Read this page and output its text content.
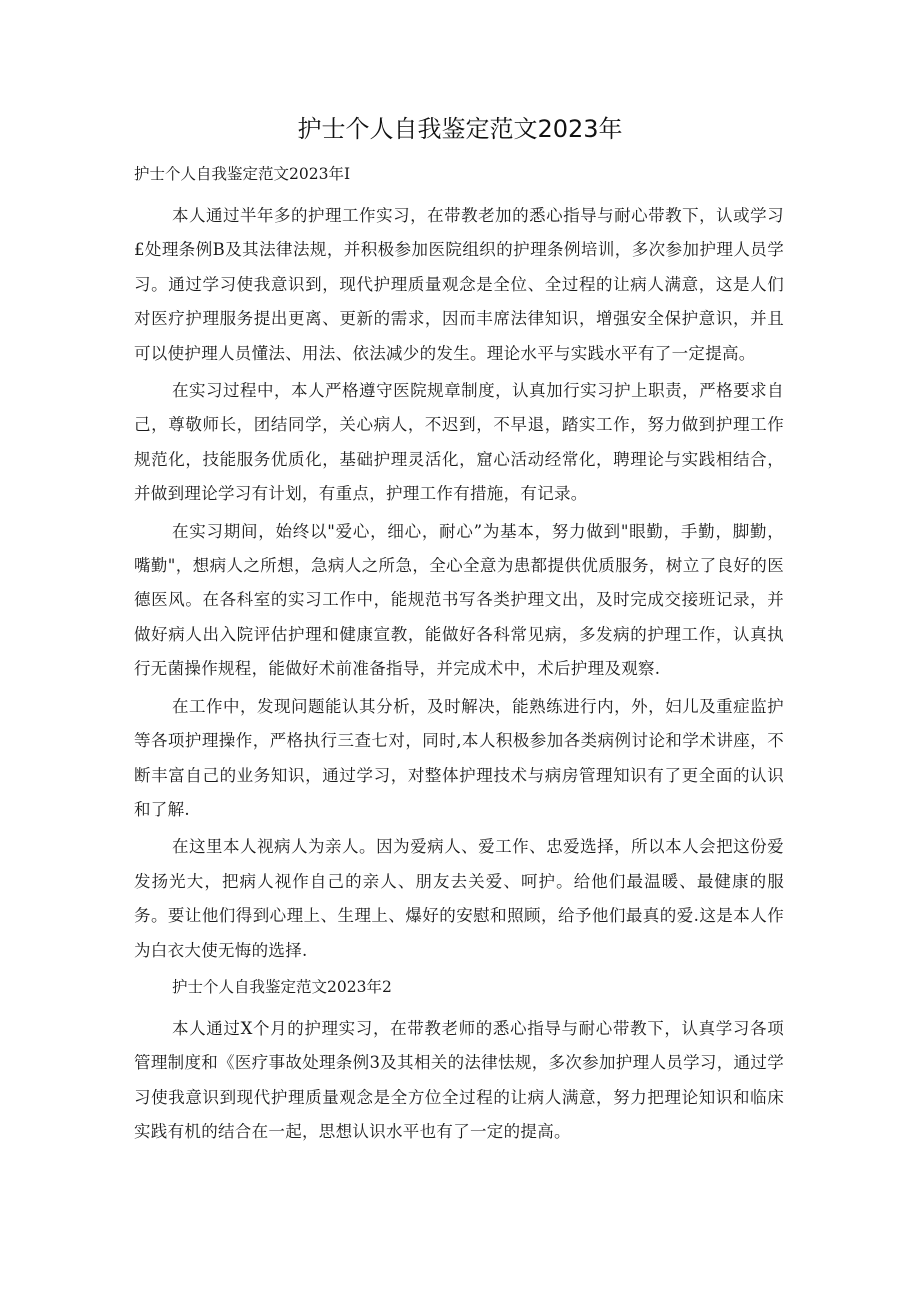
护士个人自我鉴定范文2023年

护士个人自我鉴定范文2023年I

本人通过半年多的护理工作实习，在带教老加的悉心指导与耐心带教下，认或学习£处理条例B及其法律法规，并积极参加医院组织的护理条例培训，多次参加护理人员学习。通过学习使我意识到，现代护理质量观念是全位、全过程的让病人满意，这是人们对医疗护理服务提出更离、更新的需求，因而丰席法律知识，增强安全保护意识，并且可以使护理人员懂法、用法、依法减少的发生。理论水平与实践水平有了一定提高。

在实习过程中，本人严格遵守医院规章制度，认真加行实习护上职责，严格要求自己，尊敬师长，团结同学，关心病人，不迟到，不早退，踏实工作，努力做到护理工作规范化，技能服务优质化，基础护理灵活化，窟心活动经常化，聘理论与实践相结合，并做到理论学习有计划，有重点，护理工作有措施，有记录。

在实习期间，始终以"爱心，细心，耐心”为基本，努力做到"眼勤，手勤，脚勤，嘴勤"，想病人之所想，急病人之所急，全心全意为患都提供优质服务，树立了良好的医德医风。在各科室的实习工作中，能规范书写各类护理文出，及时完成交接班记录，并做好病人出入院评估护理和健康宣教，能做好各科常见病，多发病的护理工作，认真执行无菌操作规程，能做好术前准备指导，并完成术中，术后护理及观察.

在工作中，发现问题能认其分析，及时解决，能熟练进行内，外，妇儿及重症监护等各项护理操作，严格执行三查七对，同时,本人积极参加各类病例讨论和学术讲座，不断丰富自己的业务知识，通过学习，对整体护理技术与病房管理知识有了更全面的认识和了解.

在这里本人视病人为亲人。因为爱病人、爱工作、忠爱选择，所以本人会把这份爱发扬光大，把病人视作自己的亲人、朋友去关爱、呵护。给他们最温暖、最健康的服务。要让他们得到心理上、生理上、爆好的安慰和照顾，给予他们最真的爱.这是本人作为白衣大使无悔的选择.

护士个人自我鉴定范文2023年2

本人通过X个月的护理实习，在带教老师的悉心指导与耐心带教下，认真学习各项管理制度和《医疗事故处理条例3及其相关的法律怯规，多次参加护理人员学习，通过学习使我意识到现代护理质量观念是全方位全过程的让病人满意，努力把理论知识和临床实践有机的结合在一起，思想认识水平也有了一定的提高。
